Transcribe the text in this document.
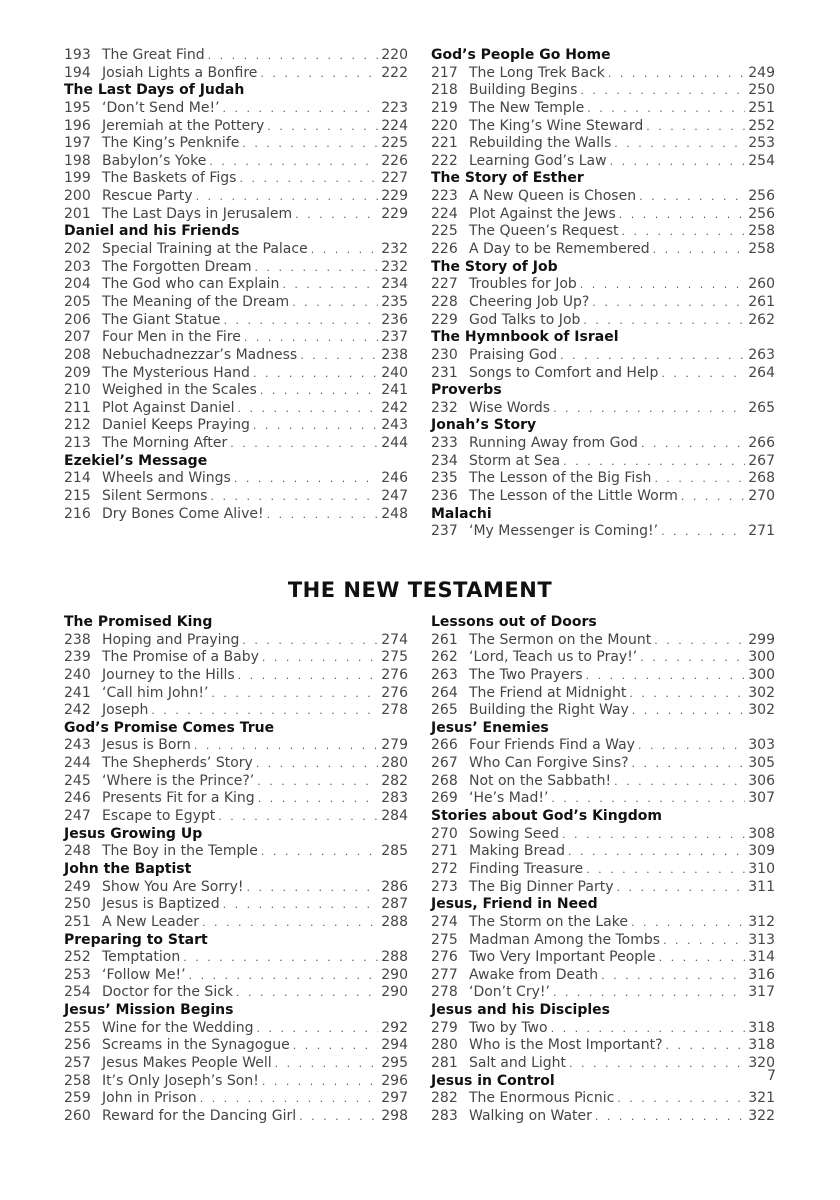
193 The Great Find . . .	220
194 Josiah Lights a Bonfire . . .	222
The Last Days of Judah
195 ‘Don’t Send Me!’ . . .	223
196 Jeremiah at the Pottery . . .	224
197 The King’s Penknife . . .	225
198 Babylon’s Yoke . . .	226
199 The Baskets of Figs . . .	227
200 Rescue Party . . .	229
201 The Last Days in Jerusalem . . .	229
Daniel and his Friends
202 Special Training at the Palace . . .	232
203 The Forgotten Dream . . .	232
204 The God who can Explain . . .	234
205 The Meaning of the Dream . . .	235
206 The Giant Statue . . .	236
207 Four Men in the Fire . . .	237
208 Nebuchadnezzar’s Madness . . .	238
209 The Mysterious Hand . . .	240
210 Weighed in the Scales . . .	241
211 Plot Against Daniel . . .	242
212 Daniel Keeps Praying . . .	243
213 The Morning After . . .	244
Ezekiel’s Message
214 Wheels and Wings . . .	246
215 Silent Sermons . . .	247
216 Dry Bones Come Alive! . . .	248
God’s People Go Home
217 The Long Trek Back . . .	249
218 Building Begins . . .	250
219 The New Temple . . .	251
220 The King’s Wine Steward . . .	252
221 Rebuilding the Walls . . .	253
222 Learning God’s Law . . .	254
The Story of Esther
223 A New Queen is Chosen . . .	256
224 Plot Against the Jews . . .	256
225 The Queen’s Request . . .	258
226 A Day to be Remembered . . .	258
The Story of Job
227 Troubles for Job . . .	260
228 Cheering Job Up? . . .	261
229 God Talks to Job . . .	262
The Hymnbook of Israel
230 Praising God . . .	263
231 Songs to Comfort and Help . . .	264
Proverbs
232 Wise Words . . .	265
Jonah’s Story
233 Running Away from God . . .	266
234 Storm at Sea . . .	267
235 The Lesson of the Big Fish . . .	268
236 The Lesson of the Little Worm . . .	270
Malachi
237 ‘My Messenger is Coming!’ . . .	271
THE NEW TESTAMENT
The Promised King
238 Hoping and Praying . . .	274
239 The Promise of a Baby . . .	275
240 Journey to the Hills . . .	276
241 ‘Call him John!’ . . .	276
242 Joseph . . .	278
God’s Promise Comes True
243 Jesus is Born . . .	279
244 The Shepherds’ Story . . .	280
245 ‘Where is the Prince?’ . . .	282
246 Presents Fit for a King . . .	283
247 Escape to Egypt . . .	284
Jesus Growing Up
248 The Boy in the Temple . . .	285
John the Baptist
249 Show You Are Sorry! . . .	286
250 Jesus is Baptized . . .	287
251 A New Leader . . .	288
Preparing to Start
252 Temptation . . .	288
253 ‘Follow Me!’ . . .	290
254 Doctor for the Sick . . .	290
Jesus’ Mission Begins
255 Wine for the Wedding . . .	292
256 Screams in the Synagogue . . .	294
257 Jesus Makes People Well . . .	295
258 It’s Only Joseph’s Son! . . .	296
259 John in Prison . . .	297
260 Reward for the Dancing Girl . . .	298
Lessons out of Doors
261 The Sermon on the Mount . . .	299
262 ‘Lord, Teach us to Pray!’ . . .	300
263 The Two Prayers . . .	300
264 The Friend at Midnight . . .	302
265 Building the Right Way . . .	302
Jesus’ Enemies
266 Four Friends Find a Way . . .	303
267 Who Can Forgive Sins? . . .	305
268 Not on the Sabbath! . . .	306
269 ‘He’s Mad!’ . . .	307
Stories about God’s Kingdom
270 Sowing Seed . . .	308
271 Making Bread . . .	309
272 Finding Treasure . . .	310
273 The Big Dinner Party . . .	311
Jesus, Friend in Need
274 The Storm on the Lake . . .	312
275 Madman Among the Tombs . . .	313
276 Two Very Important People . . .	314
277 Awake from Death . . .	316
278 ‘Don’t Cry!’ . . .	317
Jesus and his Disciples
279 Two by Two . . .	318
280 Who is the Most Important? . . .	318
281 Salt and Light . . .	320
Jesus in Control
282 The Enormous Picnic . . .	321
283 Walking on Water . . .	322
7
